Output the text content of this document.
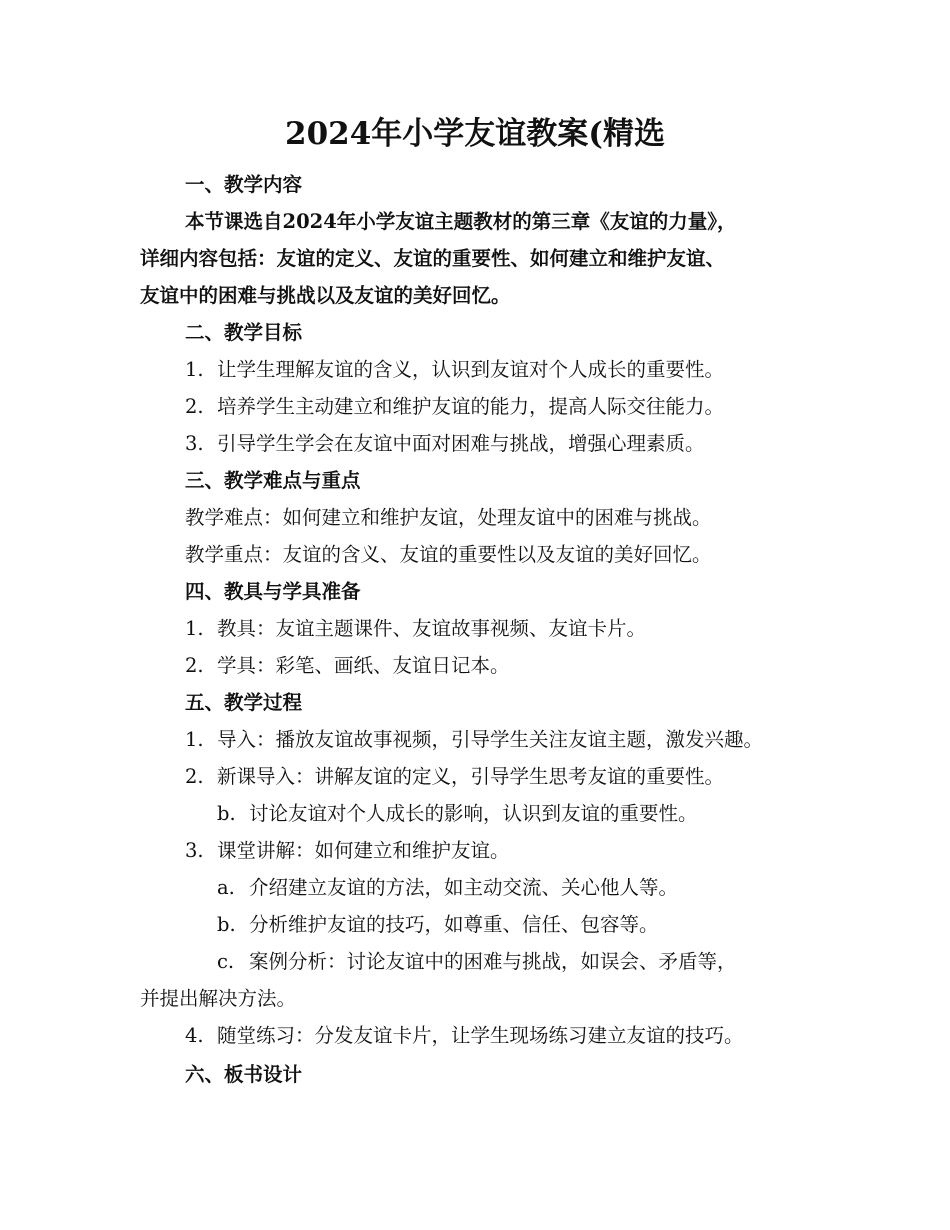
2024年小学友谊教案(精选
一、教学内容
本节课选自2024年小学友谊主题教材的第三章《友谊的力量》，
详细内容包括：友谊的定义、友谊的重要性、如何建立和维护友谊、
友谊中的困难与挑战以及友谊的美好回忆。
二、教学目标
1. 让学生理解友谊的含义，认识到友谊对个人成长的重要性。
2. 培养学生主动建立和维护友谊的能力，提高人际交往能力。
3. 引导学生学会在友谊中面对困难与挑战，增强心理素质。
三、教学难点与重点
教学难点：如何建立和维护友谊，处理友谊中的困难与挑战。
教学重点：友谊的含义、友谊的重要性以及友谊的美好回忆。
四、教具与学具准备
1. 教具：友谊主题课件、友谊故事视频、友谊卡片。
2. 学具：彩笔、画纸、友谊日记本。
五、教学过程
1. 导入：播放友谊故事视频，引导学生关注友谊主题，激发兴趣。
2. 新课导入：讲解友谊的定义，引导学生思考友谊的重要性。
b. 讨论友谊对个人成长的影响，认识到友谊的重要性。
3. 课堂讲解：如何建立和维护友谊。
a. 介绍建立友谊的方法，如主动交流、关心他人等。
b. 分析维护友谊的技巧，如尊重、信任、包容等。
c. 案例分析：讨论友谊中的困难与挑战，如误会、矛盾等，
并提出解决方法。
4. 随堂练习：分发友谊卡片，让学生现场练习建立友谊的技巧。
六、板书设计
